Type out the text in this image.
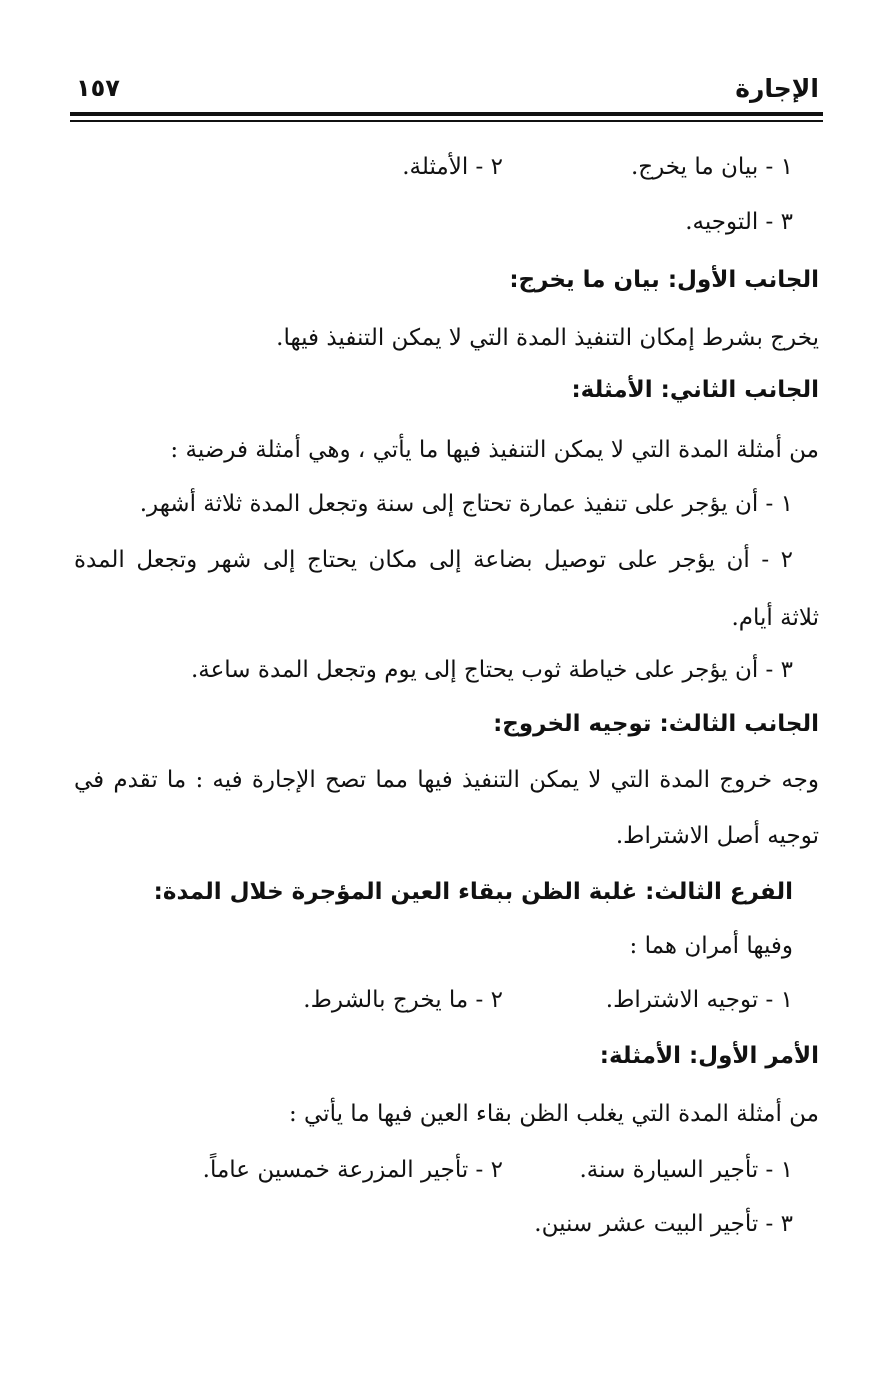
الإجارة
١٥٧
١ - بيان ما يخرج.
٢ - الأمثلة.
٣ - التوجيه.
الجانب الأول: بيان ما يخرج:
يخرج بشرط إمكان التنفيذ المدة التي لا يمكن التنفيذ فيها.
الجانب الثاني: الأمثلة:
من أمثلة المدة التي لا يمكن التنفيذ فيها ما يأتي ، وهي أمثلة فرضية :
١ - أن يؤجر على تنفيذ عمارة تحتاج إلى سنة وتجعل المدة ثلاثة أشهر.
٢ - أن يؤجر على توصيل بضاعة إلى مكان يحتاج إلى شهر وتجعل المدة
ثلاثة أيام.
٣ - أن يؤجر على خياطة ثوب يحتاج إلى يوم وتجعل المدة ساعة.
الجانب الثالث: توجيه الخروج:
وجه خروج المدة التي لا يمكن التنفيذ فيها مما تصح الإجارة فيه : ما تقدم في
توجيه أصل الاشتراط.
الفرع الثالث: غلبة الظن ببقاء العين المؤجرة خلال المدة:
وفيها أمران هما :
١ - توجيه الاشتراط.
٢ - ما يخرج بالشرط.
الأمر الأول: الأمثلة:
من أمثلة المدة التي يغلب الظن بقاء العين فيها ما يأتي :
١ - تأجير السيارة سنة.
٢ - تأجير المزرعة خمسين عاماً.
٣ - تأجير البيت عشر سنين.
